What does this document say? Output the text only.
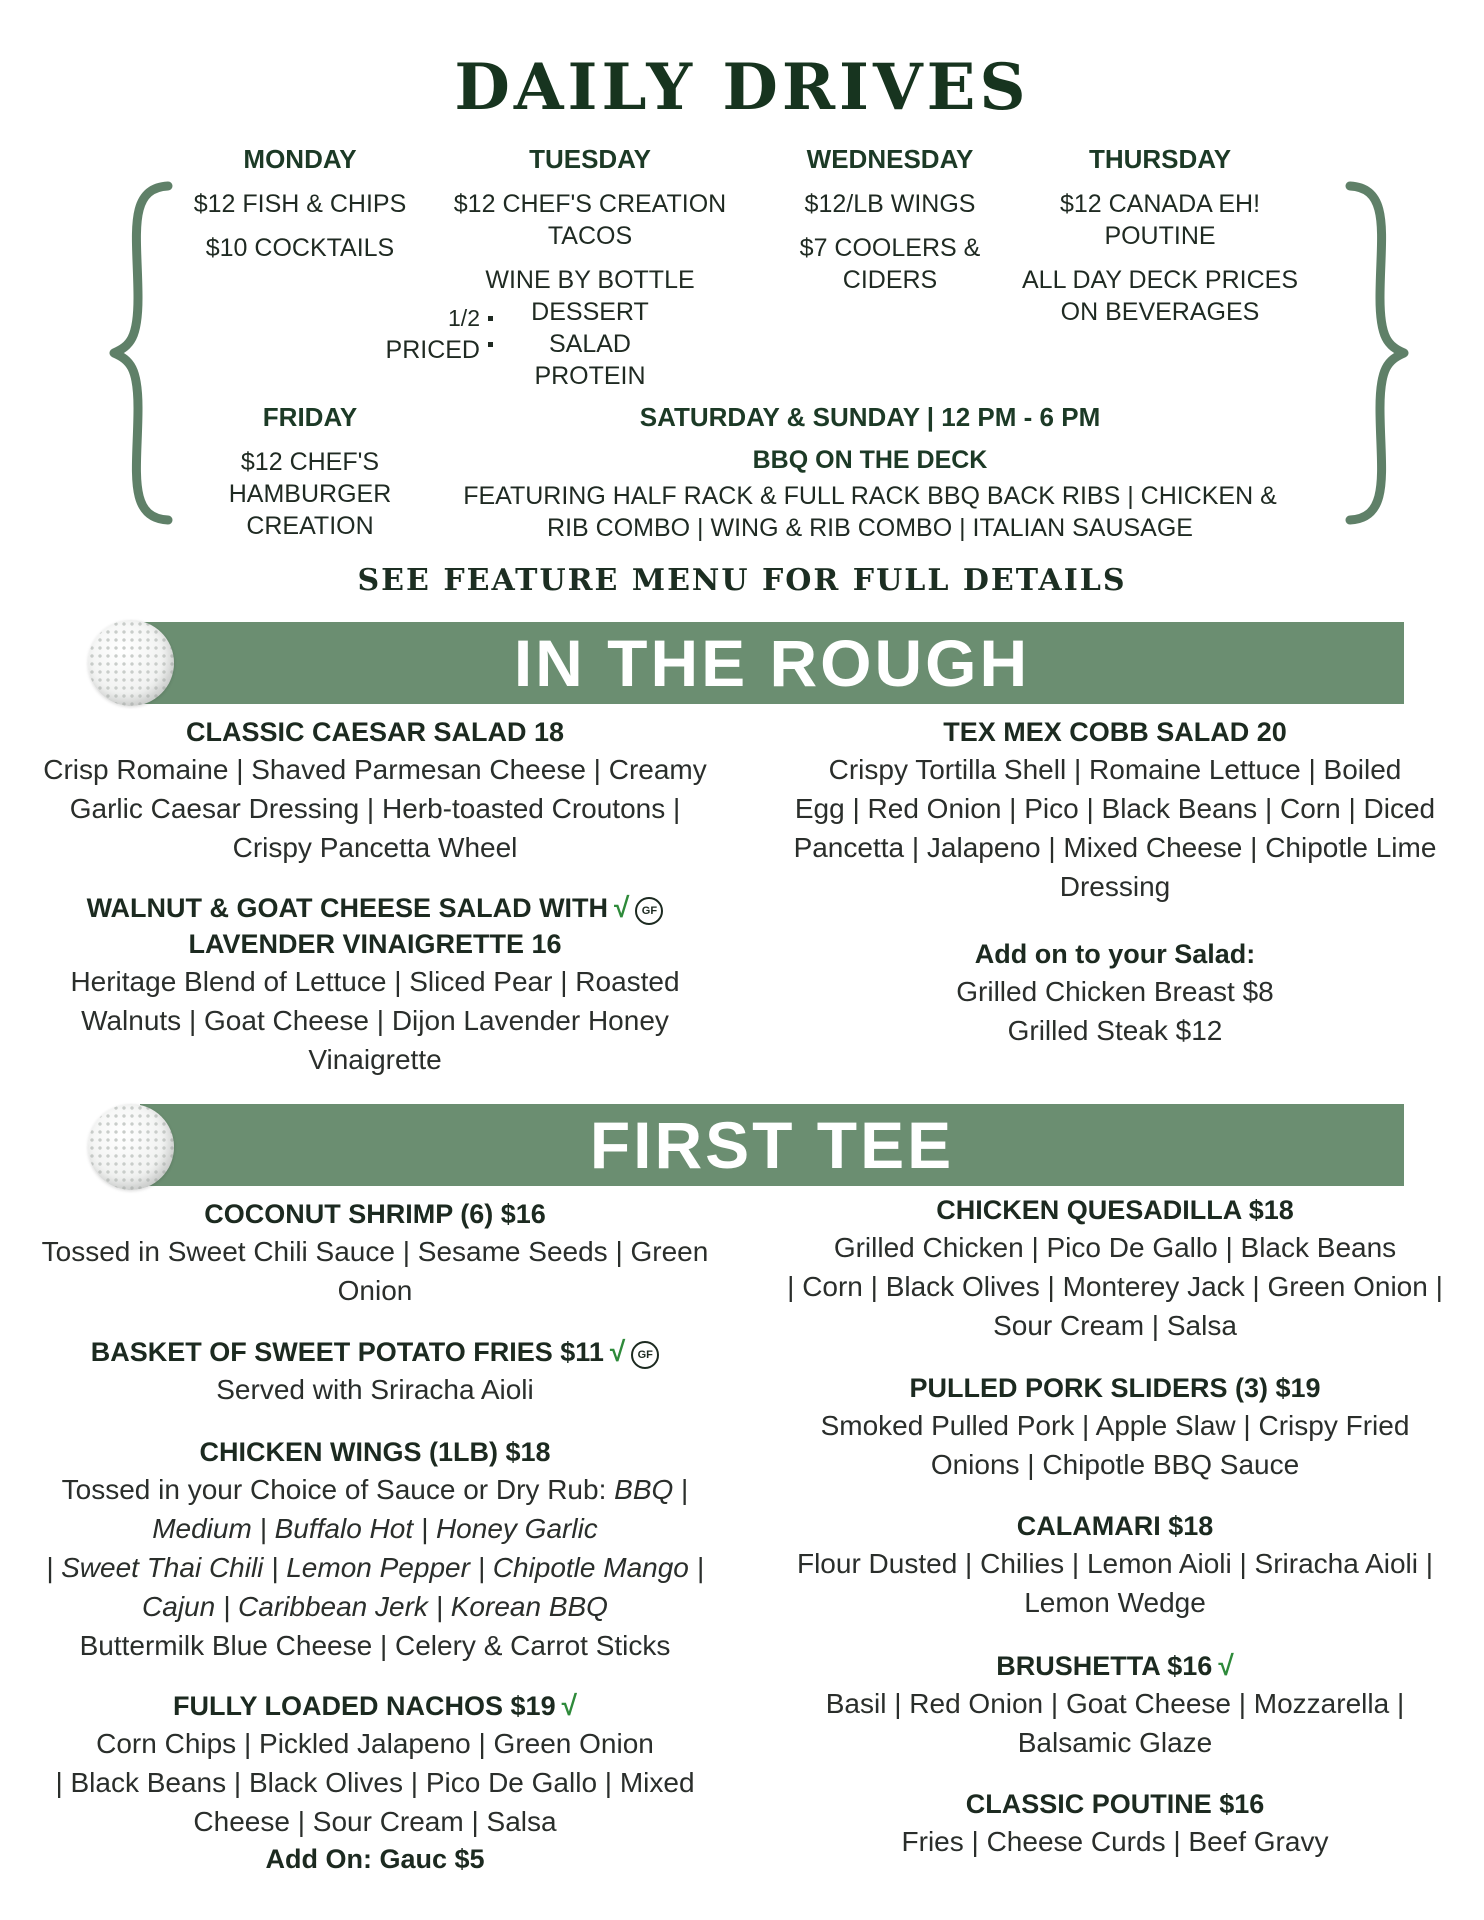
DAILY DRIVES
MONDAY
$12 FISH & CHIPS
$10 COCKTAILS
TUESDAY
$12 CHEF'S CREATION
TACOS
WINE BY BOTTLE
1/2
PRICED
DESSERT
SALAD
PROTEIN
WEDNESDAY
$12/LB WINGS
$7 COOLERS &
CIDERS
THURSDAY
$12 CANADA EH!
POUTINE
ALL DAY DECK PRICES
ON BEVERAGES
FRIDAY
$12 CHEF'S
HAMBURGER
CREATION
SATURDAY & SUNDAY | 12 PM - 6 PM
BBQ ON THE DECK
FEATURING HALF RACK & FULL RACK BBQ BACK RIBS | CHICKEN &
RIB COMBO | WING & RIB COMBO | ITALIAN SAUSAGE
SEE FEATURE MENU FOR FULL DETAILS
IN THE ROUGH
CLASSIC CAESAR SALAD 18
Crisp Romaine | Shaved Parmesan Cheese | Creamy
Garlic Caesar Dressing | Herb-toasted Croutons |
Crispy Pancetta Wheel
WALNUT & GOAT CHEESE SALAD WITH √ GF
LAVENDER VINAIGRETTE 16
Heritage Blend of Lettuce | Sliced Pear | Roasted
Walnuts | Goat Cheese | Dijon Lavender Honey
Vinaigrette
TEX MEX COBB SALAD 20
Crispy Tortilla Shell | Romaine Lettuce | Boiled
Egg | Red Onion | Pico | Black Beans | Corn | Diced
Pancetta | Jalapeno | Mixed Cheese | Chipotle Lime
Dressing
Add on to your Salad:
Grilled Chicken Breast $8
Grilled Steak $12
FIRST TEE
COCONUT SHRIMP (6) $16
Tossed in Sweet Chili Sauce | Sesame Seeds | Green
Onion
BASKET OF SWEET POTATO FRIES $11 √ GF
Served with Sriracha Aioli
CHICKEN WINGS (1LB) $18
Tossed in your Choice of Sauce or Dry Rub: BBQ |
Medium | Buffalo Hot | Honey Garlic
| Sweet Thai Chili | Lemon Pepper | Chipotle Mango |
Cajun | Caribbean Jerk | Korean BBQ
Buttermilk Blue Cheese | Celery & Carrot Sticks
FULLY LOADED NACHOS $19 √
Corn Chips | Pickled Jalapeno | Green Onion
| Black Beans | Black Olives | Pico De Gallo | Mixed
Cheese | Sour Cream | Salsa
Add On: Gauc $5
CHICKEN QUESADILLA $18
Grilled Chicken | Pico De Gallo | Black Beans
| Corn | Black Olives | Monterey Jack | Green Onion |
Sour Cream | Salsa
PULLED PORK SLIDERS (3) $19
Smoked Pulled Pork | Apple Slaw | Crispy Fried
Onions | Chipotle BBQ Sauce
CALAMARI $18
Flour Dusted | Chilies | Lemon Aioli | Sriracha Aioli |
Lemon Wedge
BRUSHETTA $16 √
Basil | Red Onion | Goat Cheese | Mozzarella |
Balsamic Glaze
CLASSIC POUTINE $16
Fries | Cheese Curds | Beef Gravy
